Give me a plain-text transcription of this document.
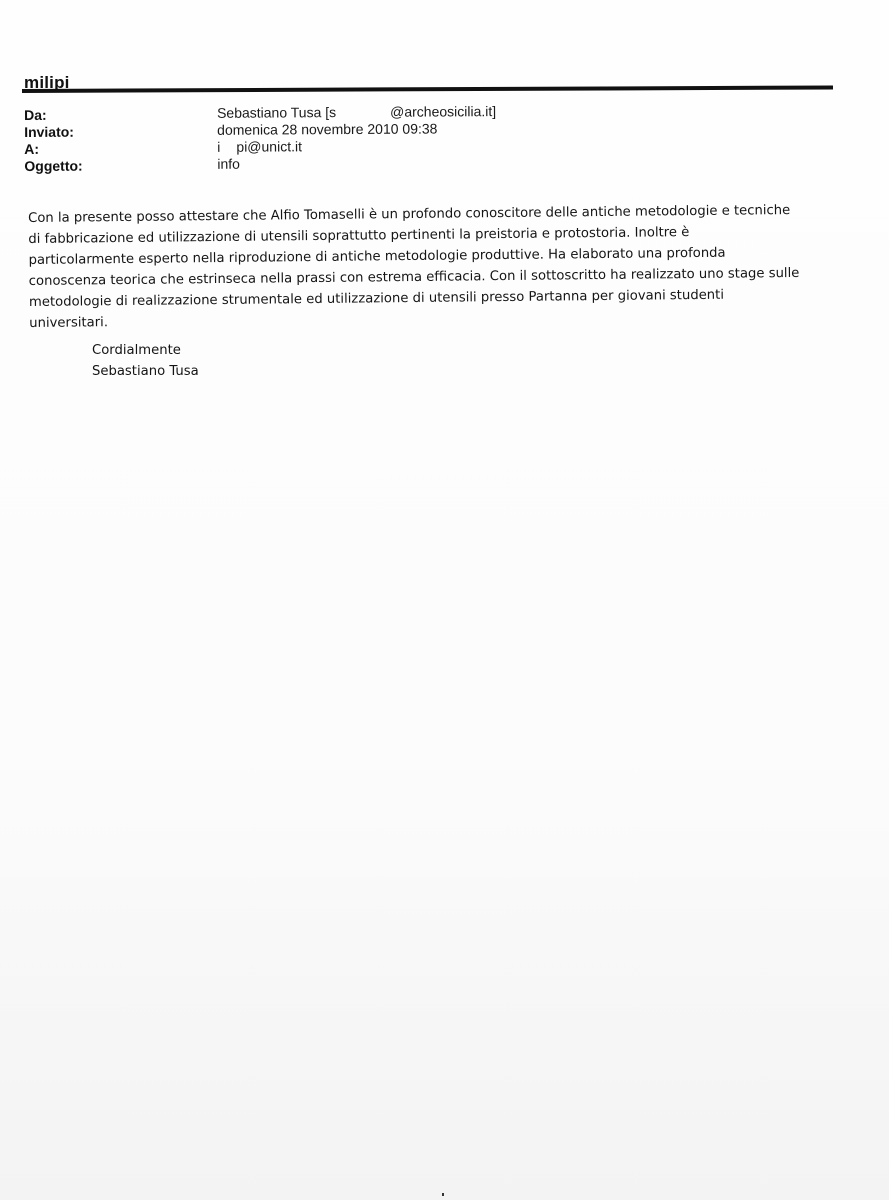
milipi
Da:	Sebastiano Tusa [s	@archeosicilia.it]
Inviato:	domenica 28 novembre 2010 09:38
A:	i pi@unict.it
Oggetto:	info
Con la presente posso attestare che Alfio Tomaselli è un profondo conoscitore delle antiche metodologie e tecniche
di fabbricazione ed utilizzazione di utensili soprattutto pertinenti la preistoria e protostoria. Inoltre è
particolarmente esperto nella riproduzione di antiche metodologie produttive. Ha elaborato una profonda
conoscenza teorica che estrinseca nella prassi con estrema efficacia. Con il sottoscritto ha realizzato uno stage sulle
metodologie di realizzazione strumentale ed utilizzazione di utensili presso Partanna per giovani studenti
universitari.
Cordialmente
Sebastiano Tusa
